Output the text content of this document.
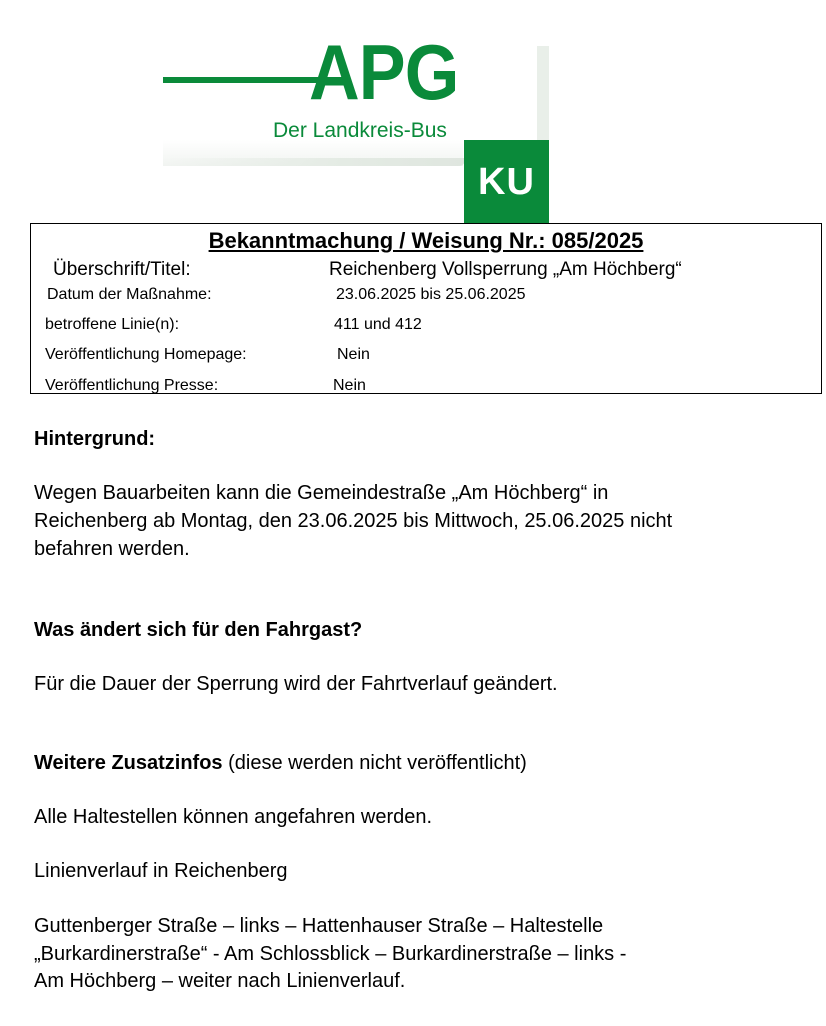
APG
Der Landkreis-Bus
KU
Bekanntmachung / Weisung Nr.: 085/2025
Überschrift/Titel:	Reichenberg Vollsperrung „Am Höchberg“
Datum der Maßnahme:	23.06.2025 bis 25.06.2025
betroffene Linie(n):	411 und 412
Veröffentlichung Homepage:	Nein
Veröffentlichung Presse:	Nein
Hintergrund:
Wegen Bauarbeiten kann die Gemeindestraße „Am Höchberg“ in
Reichenberg ab Montag, den 23.06.2025 bis Mittwoch, 25.06.2025 nicht
befahren werden.
Was ändert sich für den Fahrgast?
Für die Dauer der Sperrung wird der Fahrtverlauf geändert.
Weitere Zusatzinfos (diese werden nicht veröffentlicht)
Alle Haltestellen können angefahren werden.
Linienverlauf in Reichenberg
Guttenberger Straße – links – Hattenhauser Straße – Haltestelle
„Burkardinerstraße“ - Am Schlossblick – Burkardinerstraße – links -
Am Höchberg – weiter nach Linienverlauf.
